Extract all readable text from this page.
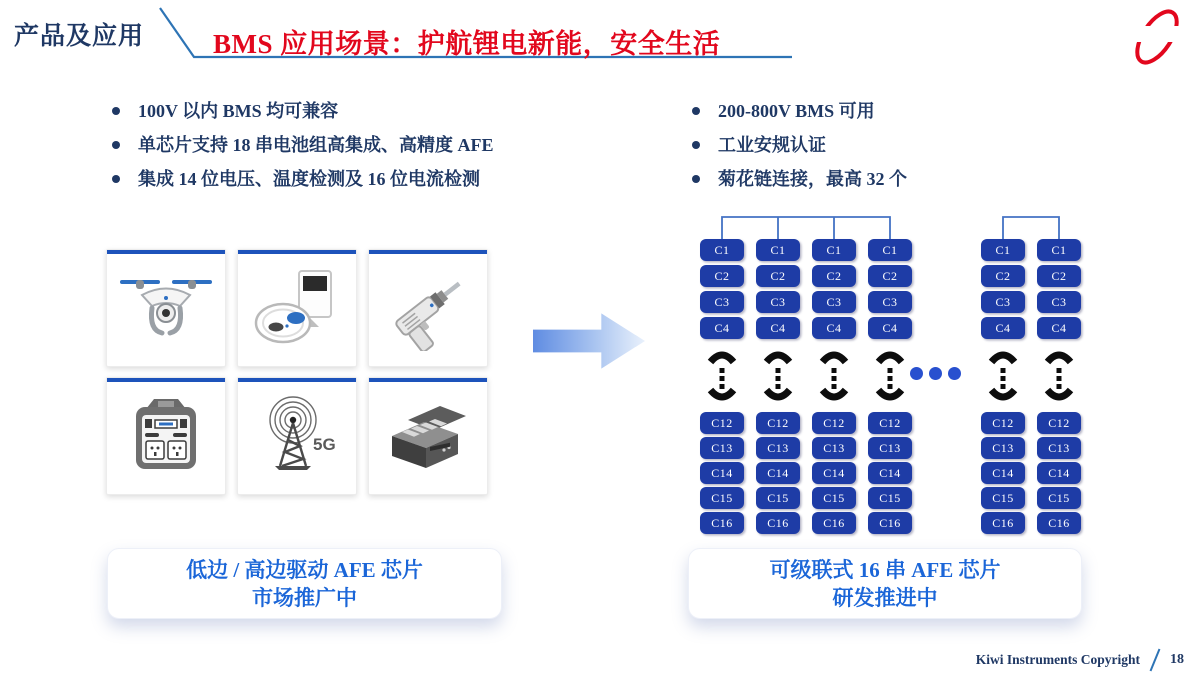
产品及应用	BMS 应用场景：护航锂电新能，安全生活
100V 以内 BMS 均可兼容
单芯片支持 18 串电池组高集成、高精度 AFE
集成 14 位电压、温度检测及 16 位电流检测
200-800V BMS 可用
工业安规认证
菊花链连接，最高 32 个
5G
C1
C2
C3
C4
C12
C13
C14
C15
C16
C1
C2
C3
C4
C12
C13
C14
C15
C16
C1
C2
C3
C4
C12
C13
C14
C15
C16
C1
C2
C3
C4
C12
C13
C14
C15
C16
C1
C2
C3
C4
C12
C13
C14
C15
C16
C1
C2
C3
C4
C12
C13
C14
C15
C16
低边 / 高边驱动 AFE 芯片
市场推广中
可级联式 16 串 AFE 芯片
研发推进中
Kiwi Instruments Copyright 18
